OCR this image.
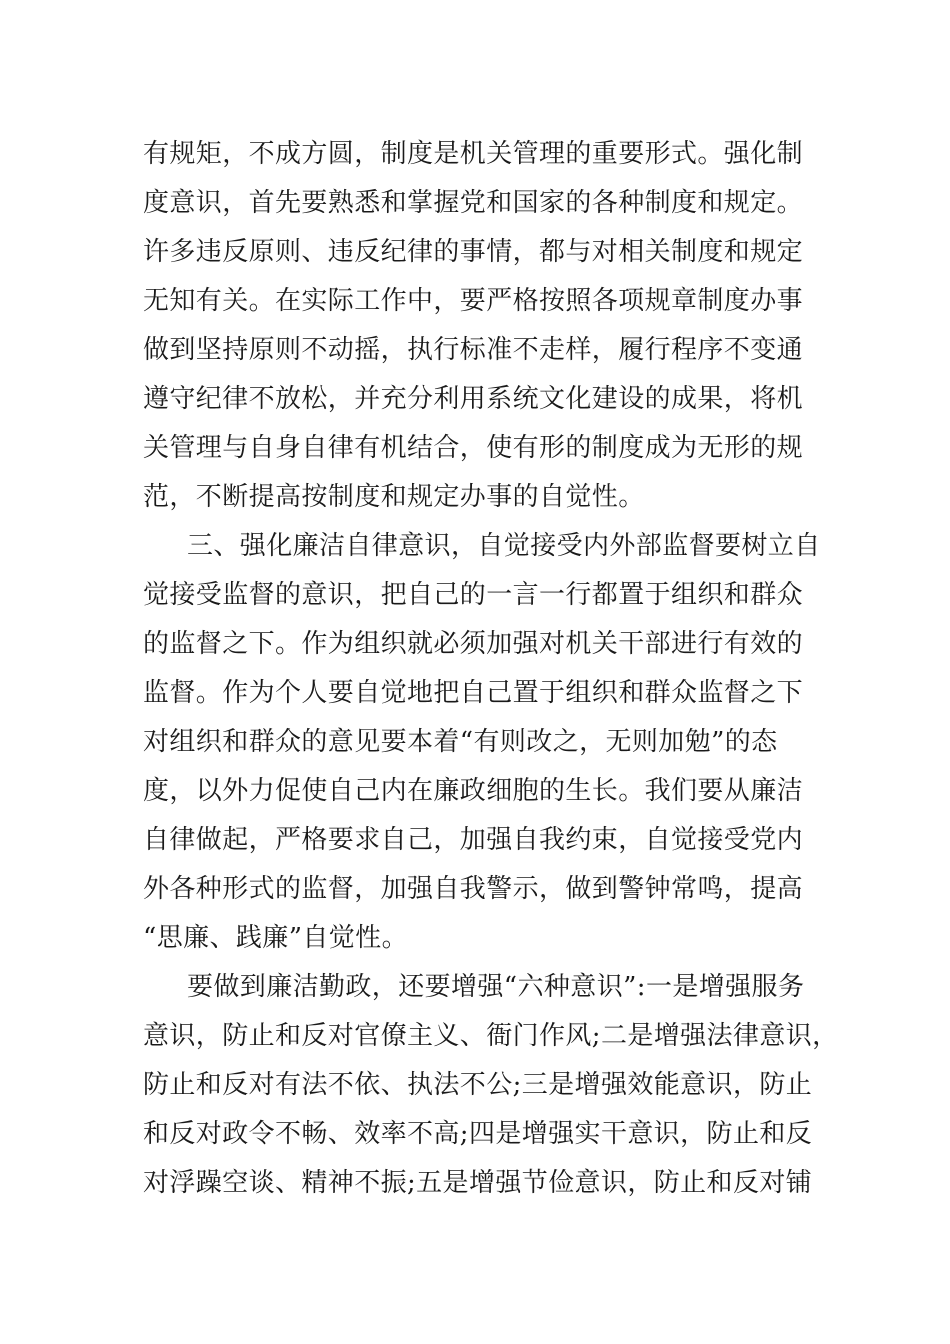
有规矩，不成方圆，制度是机关管理的重要形式。强化制
度意识，首先要熟悉和掌握党和国家的各种制度和规定。
许多违反原则、违反纪律的事情，都与对相关制度和规定
无知有关。在实际工作中，要严格按照各项规章制度办事
做到坚持原则不动摇，执行标准不走样，履行程序不变通
遵守纪律不放松，并充分利用系统文化建设的成果，将机
关管理与自身自律有机结合，使有形的制度成为无形的规
范，不断提高按制度和规定办事的自觉性。
三、强化廉洁自律意识，自觉接受内外部监督要树立自
觉接受监督的意识，把自己的一言一行都置于组织和群众
的监督之下。作为组织就必须加强对机关干部进行有效的
监督。作为个人要自觉地把自己置于组织和群众监督之下
对组织和群众的意见要本着“有则改之，无则加勉”的态
度，以外力促使自己内在廉政细胞的生长。我们要从廉洁
自律做起，严格要求自己，加强自我约束，自觉接受党内
外各种形式的监督，加强自我警示，做到警钟常鸣，提高
“思廉、践廉”自觉性。
要做到廉洁勤政，还要增强“六种意识”:一是增强服务
意识，防止和反对官僚主义、衙门作风;二是增强法律意识，
防止和反对有法不依、执法不公;三是增强效能意识，防止
和反对政令不畅、效率不高;四是增强实干意识，防止和反
对浮躁空谈、精神不振;五是增强节俭意识，防止和反对铺
